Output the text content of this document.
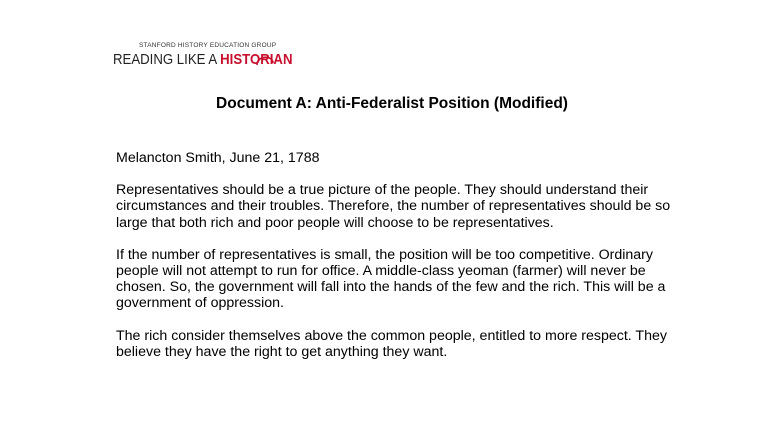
STANFORD HISTORY EDUCATION GROUP
READING LIKE A HISTORIAN
Document A: Anti-Federalist Position (Modified)

Melancton Smith, June 21, 1788

Representatives should be a true picture of the people. They should understand their circumstances and their troubles. Therefore, the number of representatives should be so large that both rich and poor people will choose to be representatives.

If the number of representatives is small, the position will be too competitive. Ordinary people will not attempt to run for office. A middle-class yeoman (farmer) will never be chosen. So, the government will fall into the hands of the few and the rich. This will be a government of oppression.

The rich consider themselves above the common people, entitled to more respect. They believe they have the right to get anything they want.
